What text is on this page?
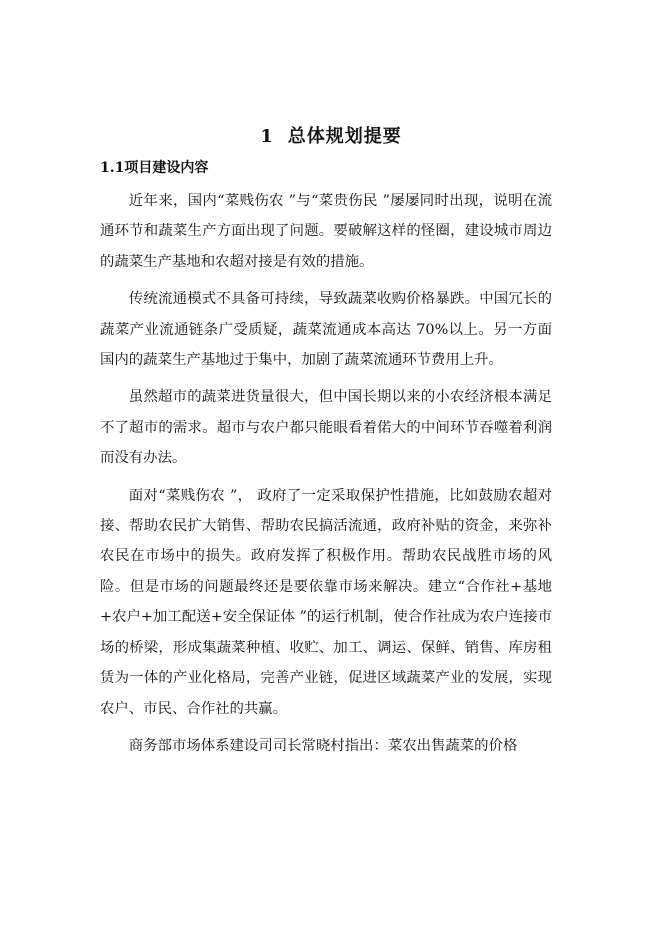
1 总体规划提要
1.1项目建设内容

近年来，国内“菜贱伤农 ”与“菜贵伤民 ”屡屡同时出现，说明在流通环节和蔬菜生产方面出现了问题。要破解这样的怪圈，建设城市周边的蔬菜生产基地和农超对接是有效的措施。

传统流通模式不具备可持续，导致蔬菜收购价格暴跌。中国冗长的蔬菜产业流通链条广受质疑，蔬菜流通成本高达 70%以上。另一方面国内的蔬菜生产基地过于集中，加剧了蔬菜流通环节费用上升。

虽然超市的蔬菜进货量很大，但中国长期以来的小农经济根本满足不了超市的需求。超市与农户都只能眼看着偌大的中间环节吞噬着利润而没有办法。

面对“菜贱伤农 ”， 政府了一定采取保护性措施，比如鼓励农超对接、帮助农民扩大销售、帮助农民搞活流通，政府补贴的资金，来弥补农民在市场中的损失。政府发挥了积极作用。帮助农民战胜市场的风险。但是市场的问题最终还是要依靠市场来解决。建立“合作社+基地+农户+加工配送+安全保证体 ”的运行机制，使合作社成为农户连接市场的桥梁，形成集蔬菜种植、收贮、加工、调运、保鲜、销售、库房租赁为一体的产业化格局，完善产业链，促进区域蔬菜产业的发展，实现农户、市民、合作社的共赢。

商务部市场体系建设司司长常晓村指出：菜农出售蔬菜的价格
